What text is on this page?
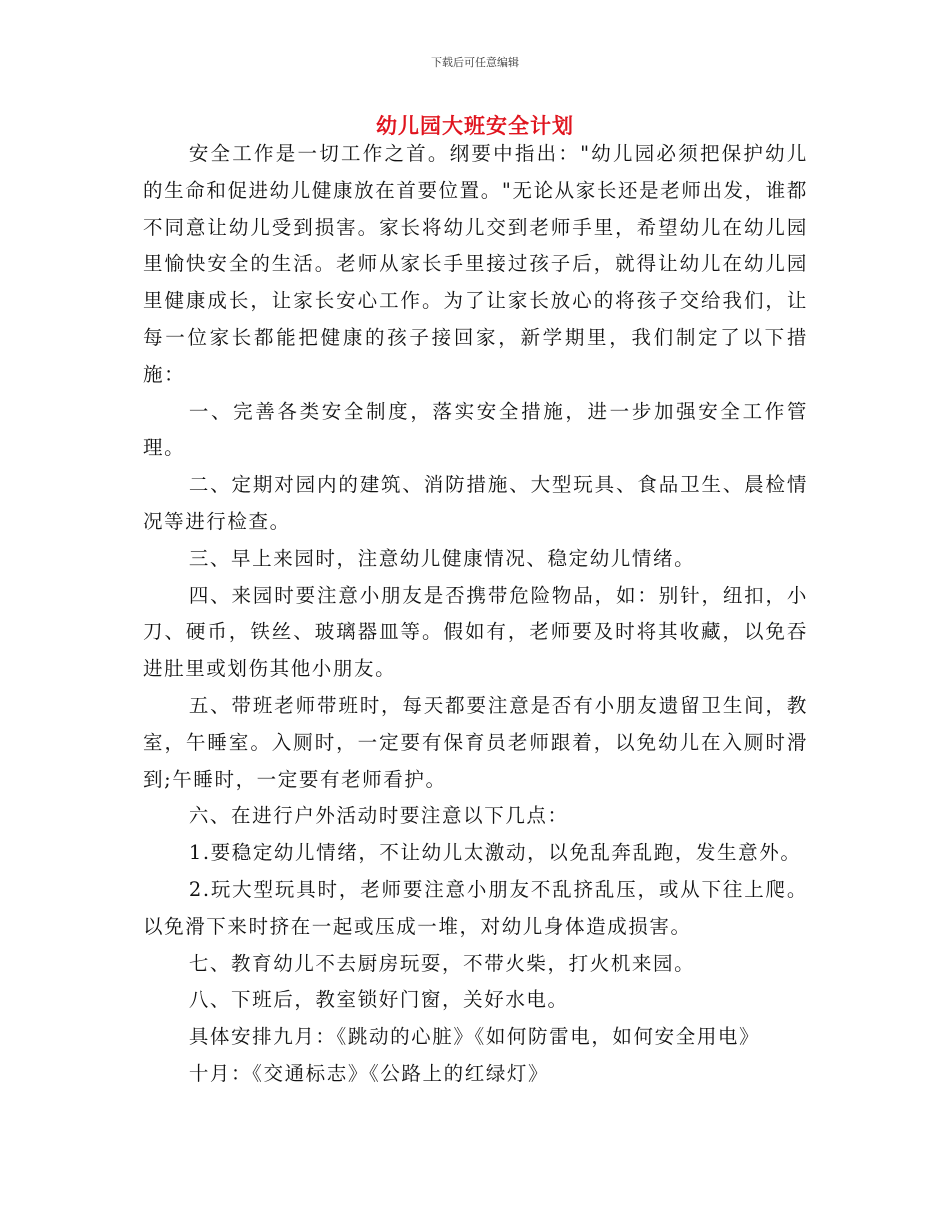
下载后可任意编辑
幼儿园大班安全计划

安全工作是一切工作之首。纲要中指出："幼儿园必须把保护幼儿的生命和促进幼儿健康放在首要位置。"无论从家长还是老师出发，谁都不同意让幼儿受到损害。家长将幼儿交到老师手里，希望幼儿在幼儿园里愉快安全的生活。老师从家长手里接过孩子后，就得让幼儿在幼儿园里健康成长，让家长安心工作。为了让家长放心的将孩子交给我们，让每一位家长都能把健康的孩子接回家，新学期里，我们制定了以下措施：

一、完善各类安全制度，落实安全措施，进一步加强安全工作管理。

二、定期对园内的建筑、消防措施、大型玩具、食品卫生、晨检情况等进行检查。

三、早上来园时，注意幼儿健康情况、稳定幼儿情绪。

四、来园时要注意小朋友是否携带危险物品，如：别针，纽扣，小刀、硬币，铁丝、玻璃器皿等。假如有，老师要及时将其收藏，以免吞进肚里或划伤其他小朋友。

五、带班老师带班时，每天都要注意是否有小朋友遗留卫生间，教室，午睡室。入厕时，一定要有保育员老师跟着，以免幼儿在入厕时滑到;午睡时，一定要有老师看护。

六、在进行户外活动时要注意以下几点：

1.要稳定幼儿情绪，不让幼儿太激动，以免乱奔乱跑，发生意外。

2.玩大型玩具时，老师要注意小朋友不乱挤乱压，或从下往上爬。以免滑下来时挤在一起或压成一堆，对幼儿身体造成损害。

七、教育幼儿不去厨房玩耍，不带火柴，打火机来园。

八、下班后，教室锁好门窗，关好水电。

具体安排九月：《跳动的心脏》《如何防雷电，如何安全用电》

十月：《交通标志》《公路上的红绿灯》
